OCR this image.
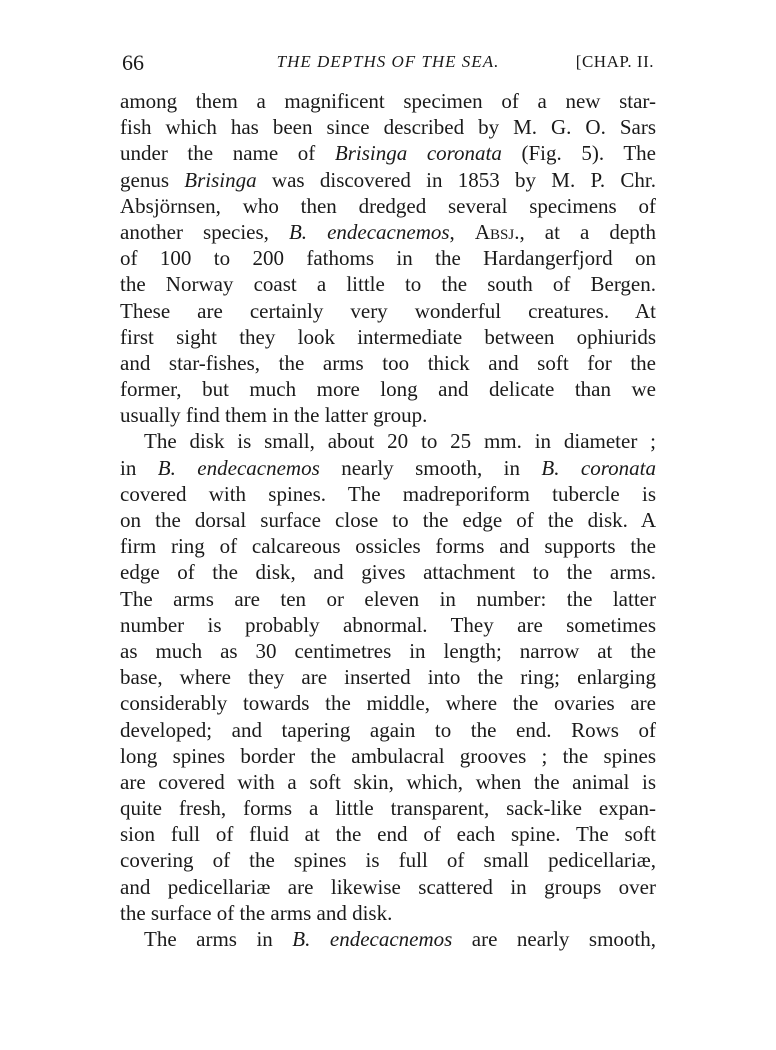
66	THE DEPTHS OF THE SEA.	[CHAP. II.
among them a magnificent specimen of a new star-
fish which has been since described by M. G. O. Sars
under the name of Brisinga coronata (Fig. 5). The
genus Brisinga was discovered in 1853 by M. P. Chr.
Absjörnsen, who then dredged several specimens of
another species, B. endecacnemos, Absj., at a depth
of 100 to 200 fathoms in the Hardangerfjord on
the Norway coast a little to the south of Bergen.
These are certainly very wonderful creatures. At
first sight they look intermediate between ophiurids
and star-fishes, the arms too thick and soft for the
former, but much more long and delicate than we
usually find them in the latter group.
The disk is small, about 20 to 25 mm. in diameter ;
in B. endecacnemos nearly smooth, in B. coronata
covered with spines. The madreporiform tubercle is
on the dorsal surface close to the edge of the disk. A
firm ring of calcareous ossicles forms and supports the
edge of the disk, and gives attachment to the arms.
The arms are ten or eleven in number: the latter
number is probably abnormal. They are sometimes
as much as 30 centimetres in length; narrow at the
base, where they are inserted into the ring; enlarging
considerably towards the middle, where the ovaries are
developed; and tapering again to the end. Rows of
long spines border the ambulacral grooves ; the spines
are covered with a soft skin, which, when the animal is
quite fresh, forms a little transparent, sack-like expan-
sion full of fluid at the end of each spine. The soft
covering of the spines is full of small pedicellariæ,
and pedicellariæ are likewise scattered in groups over
the surface of the arms and disk.
The arms in B. endecacnemos are nearly smooth,
